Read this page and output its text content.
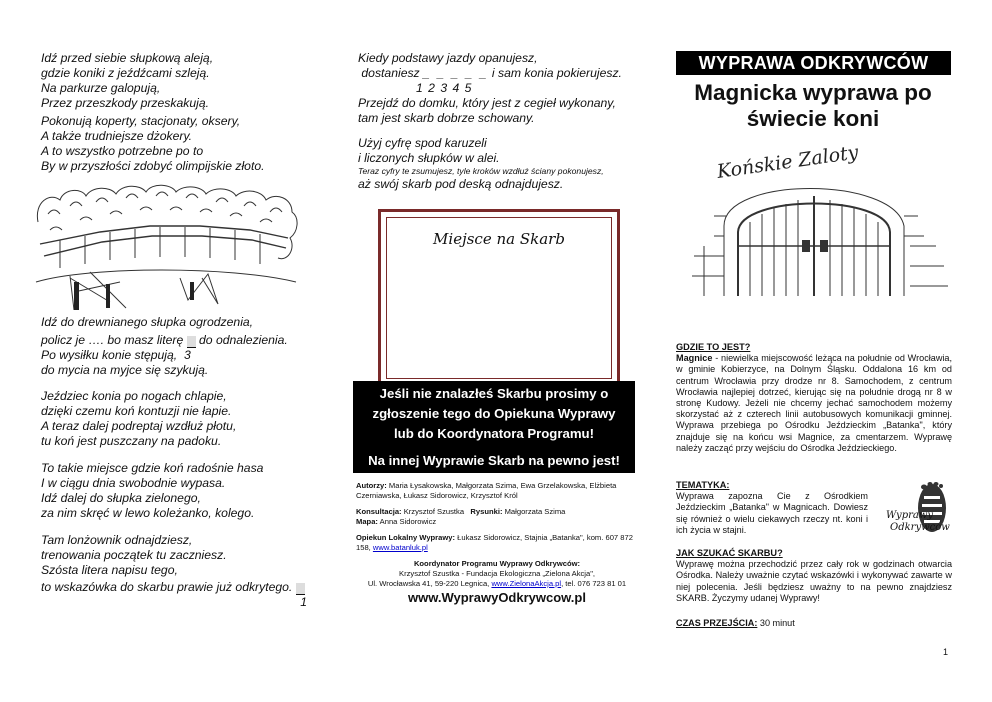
Idź przed siebie słupkową aleją,

gdzie koniki z jeźdźcami szleją.

Na parkurze galopują,

Przez przeszkody przeskakują.

Pokonują koperty, stacjonaty, oksery,

A także trudniejsze dżokery.

A to wszystko potrzebne po to

By w przyszłości zdobyć olimpijskie złoto.

Idź do drewnianego słupka ogrodzenia,

policz je …. bo masz literę do odnalezienia.

Po wysiłku konie stępują, 3

do mycia na myjce się szykują.

Jeździec konia po nogach chlapie,

dzięki czemu koń kontuzji nie łapie.

A teraz dalej podreptaj wzdłuż płotu,

tu koń jest puszczany na padoku.

To takie miejsce gdzie koń radośnie hasa

I w ciągu dnia swobodnie wypasa.

Idź dalej do słupka zielonego,

za nim skręć w lewo koleżanko, kolego.

Tam lonżownik odnajdziesz,

trenowania początek tu zaczniesz.

Szósta litera napisu tego,

to wskazówka do skarbu prawie już odkrytego.

1

Kiedy podstawy jazdy opanujesz,

dostaniesz _ _ _ _ _ i sam konia pokierujesz.

1 2 3 4 5

Przejdź do domku, który jest z cegieł wykonany,

tam jest skarb dobrze schowany.

Użyj cyfrę spod karuzeli

i liczonych słupków w alei.

Teraz cyfry te zsumujesz, tyle kroków wzdłuż ściany pokonujesz,

aż swój skarb pod deską odnajdujesz.

Miejsce na Skarb
Jeśli nie znalazłeś Skarbu prosimy o
zgłoszenie tego do Opiekuna Wyprawy
lub do Koordynatora Programu!
Na innej Wyprawie Skarb na pewno jest!

Autorzy: Maria Łysakowska, Małgorzata Szima, Ewa Grzelakowska, Elżbieta Czerniawska, Łukasz Sidorowicz, Krzysztof Król

Konsultacja: Krzysztof Szustka Rysunki: Małgorzata Szima

Mapa: Anna Sidorowicz

Opiekun Lokalny Wyprawy: Łukasz Sidorowicz, Stajnia „Batanka", kom. 607 872 158, www.batanluk.pl

Koordynator Programu Wyprawy Odkrywców:
Krzysztof Szustka - Fundacja Ekologiczna „Zielona Akcja",
Ul. Wrocławska 41, 59-220 Legnica, www.ZielonaAkcja.pl, tel. 076 723 81 01
www.WyprawyOdkrywcow.pl
WYPRAWA ODKRYWCÓW
Magnicka wyprawa po
świecie koni
Końskie Zaloty
GDZIE TO JEST?
Magnice - niewielka miejscowość leżąca na południe od Wrocławia, w gminie Kobierzyce, na Dolnym Śląsku. Oddalona 16 km od centrum Wrocławia przy drodze nr 8. Samochodem, z centrum Wrocławia najlepiej dotrzeć, kierując się na południe drogą nr 8 w stronę Kudowy. Jeżeli nie chcemy jechać samochodem możemy skorzystać aż z czterech linii autobusowych komunikacji gminnej. Wyprawa przebiega po Ośrodku Jeździeckim „Batanka", który znajduje się na końcu wsi Magnice, za cmentarzem. Wyprawę należy zacząć przy wejściu do Ośrodka Jeździeckiego.
TEMATYKA:
Wyprawa zapozna Cie z Ośrodkiem Jeździeckim „Batanka" w Magnicach. Dowiesz się również o wielu ciekawych rzeczy nt. koni i ich życia w stajni.
Wyprawy
Odkrywców
JAK SZUKAĆ SKARBU?
Wyprawę można przechodzić przez cały rok w godzinach otwarcia Ośrodka. Należy uważnie czytać wskazówki i wykonywać zawarte w niej polecenia. Jeśli będziesz uważny to na pewno znajdziesz SKARB. Życzymy udanej Wyprawy!
CZAS PRZEJŚCIA: 30 minut
1
